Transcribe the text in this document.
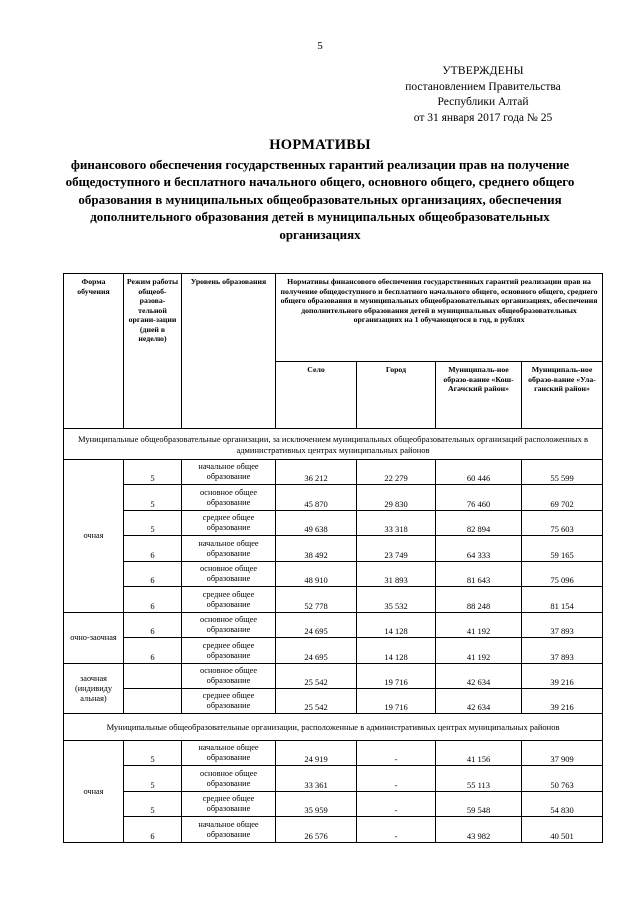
5
УТВЕРЖДЕНЫ
постановлением Правительства
Республики Алтай
от 31 января 2017 года № 25
НОРМАТИВЫ
финансового обеспечения государственных гарантий реализации прав на получение общедоступного и бесплатного начального общего, основного общего, среднего общего образования в муниципальных общеобразовательных организациях, обеспечения дополнительного образования детей в муниципальных общеобразовательных организациях
Форма обучения	Режим работы общеоб-разова-тельной органи-зации (дней в неделю)	Уровень образования	Нормативы финансового обеспечения государственных гарантий реализации прав на получение общедоступного и бесплатного начального общего, основного общего, среднего общего образования в муниципальных общеобразовательных организациях, обеспечения дополнительного образования детей в муниципальных общеобразовательных организациях на 1 обучающегося в год, в рублях			
			Село	Город	Муниципаль-ное образо-вание «Кош-Агачский район»	Муниципаль-ное образо-вание «Ула-ганский район»
Муниципальные общеобразовательные организации, за исключением муниципальных общеобразовательных организаций расположенных в административных центрах муниципальных районов						
очная	5	начальное общее образование	36 212	22 279	60 446	55 599
	5	основное общее образование	45 870	29 830	76 460	69 702
	5	среднее общее образование	49 638	33 318	82 894	75 603
	6	начальное общее образование	38 492	23 749	64 333	59 165
	6	основное общее образование	48 910	31 893	81 643	75 096
	6	среднее общее образование	52 778	35 532	88 248	81 154
очно-заочная	6	основное общее образование	24 695	14 128	41 192	37 893
	6	среднее общее образование	24 695	14 128	41 192	37 893
заочная (индивиду альная)		основное общее образование	25 542	19 716	42 634	39 216
		среднее общее образование	25 542	19 716	42 634	39 216
Муниципальные общеобразовательные организации, расположенные в административных центрах муниципальных районов						
очная	5	начальное общее образование	24 919	-	41 156	37 909
	5	основное общее образование	33 361	-	55 113	50 763
	5	среднее общее образование	35 959	-	59 548	54 830
	6	начальное общее образование	26 576	-	43 982	40 501
